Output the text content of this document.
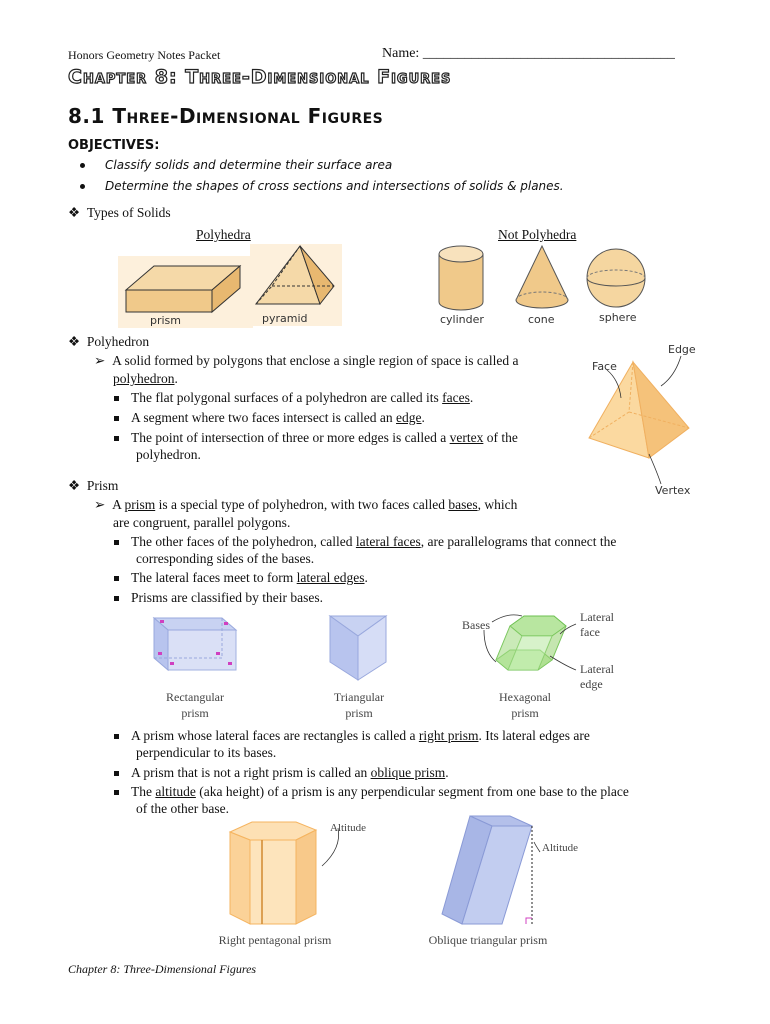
Honors Geometry Notes Packet	Name: ____________________________________
Chapter 8: Three-Dimensional Figures
8.1 Three-Dimensional Figures
OBJECTIVES:
Classify solids and determine their surface area
Determine the shapes of cross sections and intersections of solids & planes.
❖ Types of Solids
Polyhedra	Not Polyhedra
prism	pyramid	cylinder	cone	sphere
❖ Polyhedron
➢ A solid formed by polygons that enclose a single region of space is called a
polyhedron.
The flat polygonal surfaces of a polyhedron are called its faces.
A segment where two faces intersect is called an edge.
The point of intersection of three or more edges is called a vertex of the
polyhedron.
Face
Edge
Vertex
❖ Prism
➢ A prism is a special type of polyhedron, with two faces called bases, which
are congruent, parallel polygons.
The other faces of the polyhedron, called lateral faces, are parallelograms that connect the
corresponding sides of the bases.
The lateral faces meet to form lateral edges.
Prisms are classified by their bases.
Rectangular
prism
Triangular
prism
Bases
Lateral
face
Lateral
edge
Hexagonal
prism
A prism whose lateral faces are rectangles is called a right prism. Its lateral edges are
perpendicular to its bases.
A prism that is not a right prism is called an oblique prism.
The altitude (aka height) of a prism is any perpendicular segment from one base to the place
of the other base.
Altitude
Right pentagonal prism
Altitude
Oblique triangular prism
Chapter 8: Three-Dimensional Figures
